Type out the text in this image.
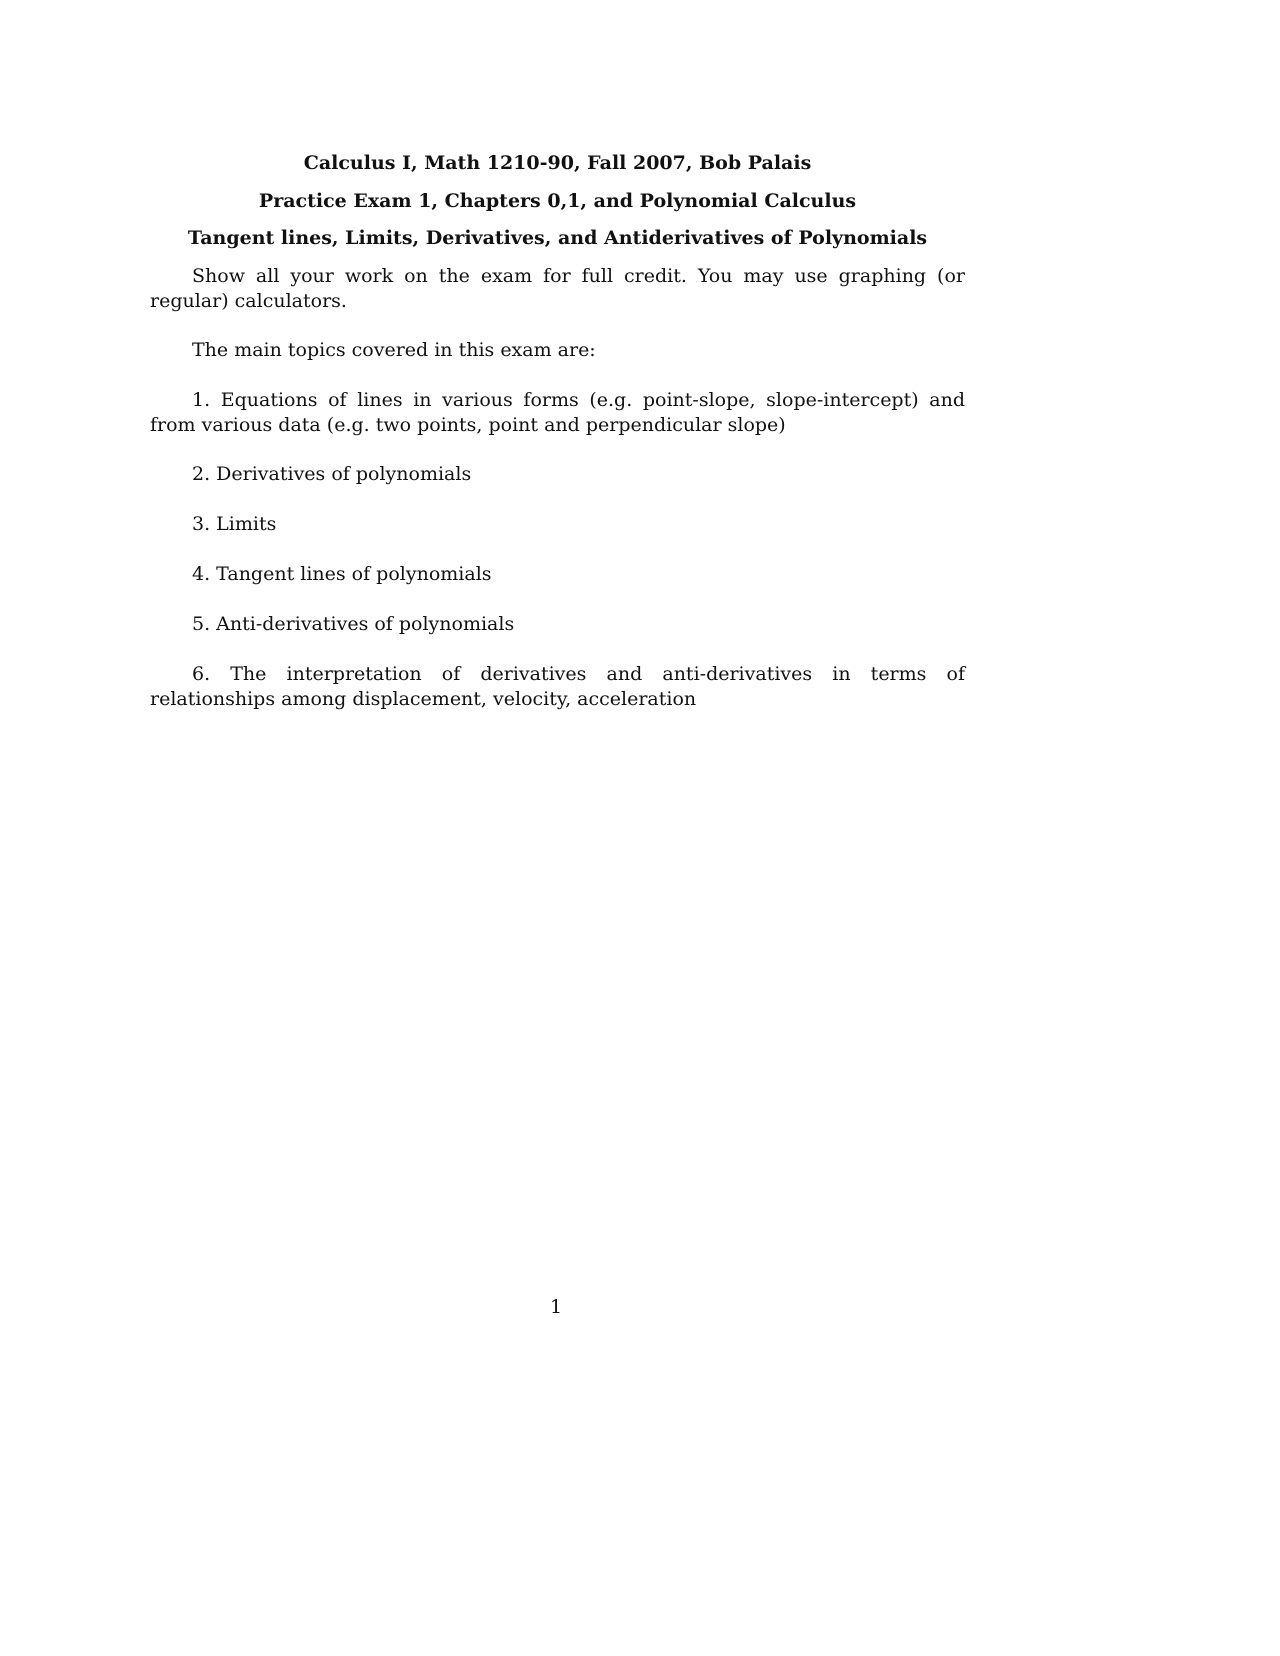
Calculus I, Math 1210-90, Fall 2007, Bob Palais
Practice Exam 1, Chapters 0,1, and Polynomial Calculus
Tangent lines, Limits, Derivatives, and Antiderivatives of Polynomials

Show all your work on the exam for full credit. You may use graphing (or regular) calculators.

The main topics covered in this exam are:

1. Equations of lines in various forms (e.g. point-slope, slope-intercept) and from various data (e.g. two points, point and perpendicular slope)

2. Derivatives of polynomials

3. Limits

4. Tangent lines of polynomials

5. Anti-derivatives of polynomials

6. The interpretation of derivatives and anti-derivatives in terms of relationships among displacement, velocity, acceleration

1
